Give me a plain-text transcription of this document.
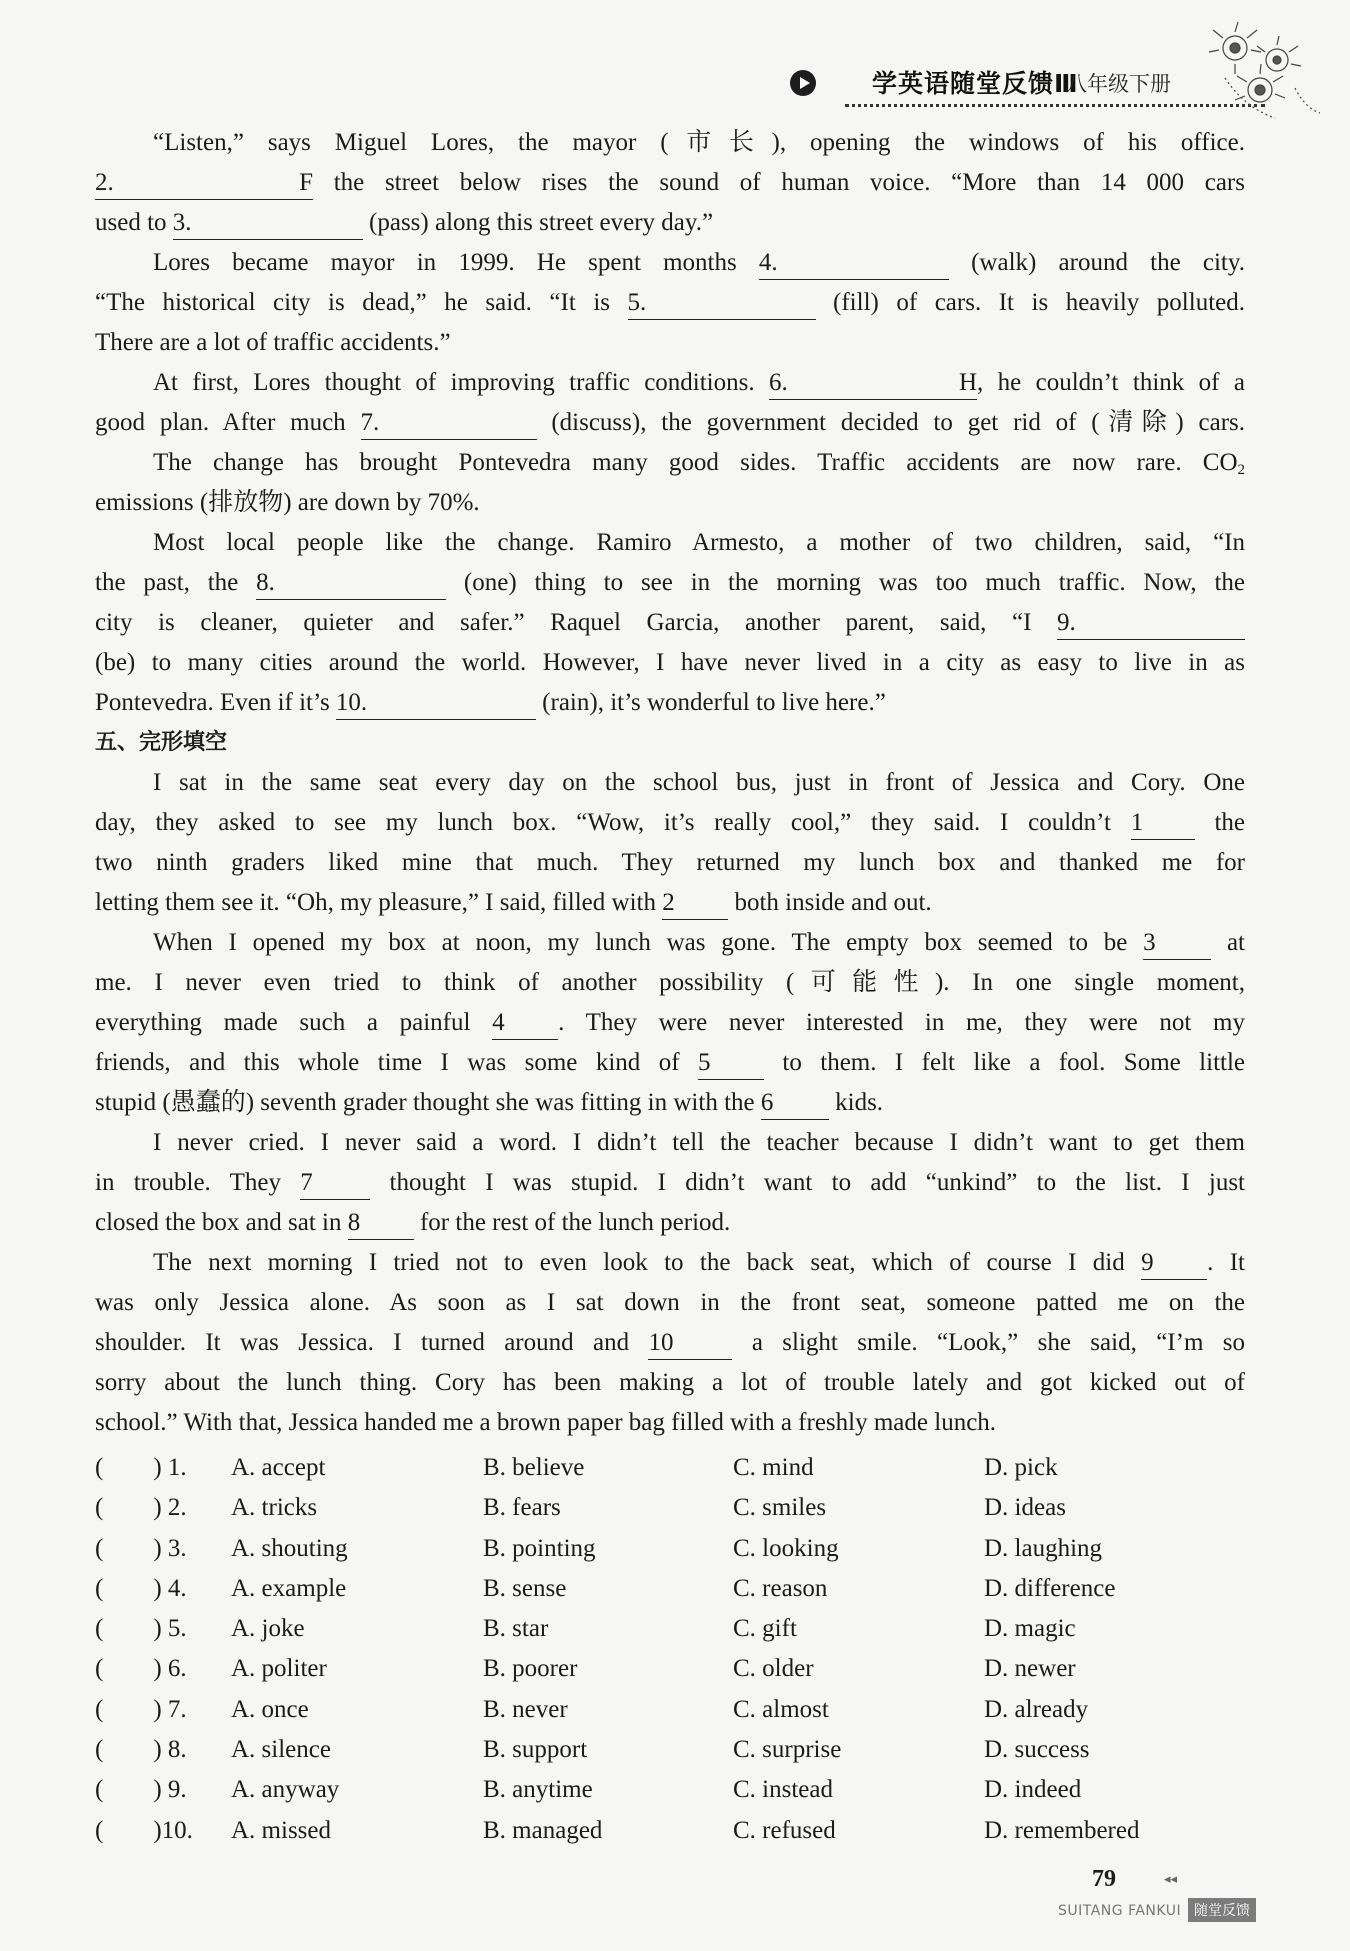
学英语随堂反馈Ⅲ
八年级下册
“Listen,” says Miguel Lores, the mayor (市长), opening the windows of his office.
2. F the street below rises the sound of human voice. “More than 14 000 cars
used to 3.	(pass) along this street every day.”
Lores became mayor in 1999. He spent months 4.	(walk) around the city.
“The historical city is dead,” he said. “It is 5.	(fill) of cars. It is heavily polluted.
There are a lot of traffic accidents.”
At first, Lores thought of improving traffic conditions. 6. H, he couldn’t think of a
good plan. After much 7.	(discuss), the government decided to get rid of (清除) cars.
The change has brought Pontevedra many good sides. Traffic accidents are now rare. $CO_2$
emissions (排放物) are down by 70%.
Most local people like the change. Ramiro Armesto, a mother of two children, said, “In
the past, the 8.	(one) thing to see in the morning was too much traffic. Now, the
city is cleaner, quieter and safer.” Raquel Garcia, another parent, said, “I 9.
(be) to many cities around the world. However, I have never lived in a city as easy to live in as
Pontevedra. Even if it’s 10.	(rain), it’s wonderful to live here.”
五、完形填空
I sat in the same seat every day on the school bus, just in front of Jessica and Cory. One
day, they asked to see my lunch box. “Wow, it’s really cool,” they said. I couldn’t 1 the
two ninth graders liked mine that much. They returned my lunch box and thanked me for
letting them see it. “Oh, my pleasure,” I said, filled with 2 both inside and out.
When I opened my box at noon, my lunch was gone. The empty box seemed to be 3 at
me. I never even tried to think of another possibility (可能性). In one single moment,
everything made such a painful 4 . They were never interested in me, they were not my
friends, and this whole time I was some kind of 5 to them. I felt like a fool. Some little
stupid (愚蠢的) seventh grader thought she was fitting in with the 6 kids.
I never cried. I never said a word. I didn’t tell the teacher because I didn’t want to get them
in trouble. They 7 thought I was stupid. I didn’t want to add “unkind” to the list. I just
closed the box and sat in 8 for the rest of the lunch period.
The next morning I tried not to even look to the back seat, which of course I did 9 . It
was only Jessica alone. As soon as I sat down in the front seat, someone patted me on the
shoulder. It was Jessica. I turned around and 10 a slight smile. “Look,” she said, “I’m so
sorry about the lunch thing. Cory has been making a lot of trouble lately and got kicked out of
school.” With that, Jessica handed me a brown paper bag filled with a freshly made lunch.
(　　) 1. A. accept	B. believe	C. mind	D. pick
(　　) 2. A. tricks	B. fears	C. smiles	D. ideas
(　　) 3. A. shouting	B. pointing	C. looking	D. laughing
(　　) 4. A. example	B. sense	C. reason	D. difference
(　　) 5. A. joke	B. star	C. gift	D. magic
(　　) 6. A. politer	B. poorer	C. older	D. newer
(　　) 7. A. once	B. never	C. almost	D. already
(　　) 8. A. silence	B. support	C. surprise	D. success
(　　) 9. A. anyway	B. anytime	C. instead	D. indeed
(　　)10. A. missed	B. managed	C. refused	D. remembered
79	◂◂
SUITANG FANKUI 随堂反馈
